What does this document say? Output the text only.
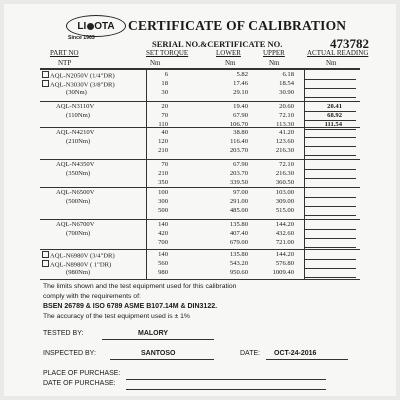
LI OTA
Since 1963
CERTIFICATE OF CALIBRATION
SERIAL NO.&CERTIFICATE NO.	473782
PART NO
NTP
SET TORQUE
Nm
LOWER
Nm
UPPER
Nm
ACTUAL READING
Nm
AQL-N2050V (1/4"DR)
AQL-N3030V (3/8"DR)
(30Nm)
6	5.82	6.18
18	17.46	18.54
30	29.10	30.90
AQL-N3110V
(110Nm)
20	19.40	20.60	20.41
70	67.90	72.10	68.92
110	106.70	113.30	111.54
AQL-N4210V
(210Nm)
40	38.80	41.20
120	116.40	123.60
210	203.70	216.30
AQL-N4350V
(350Nm)
70	67.90	72.10
210	203.70	216.30
350	339.50	360.50
AQL-N6500V
(500Nm)
100	97.00	103.00
300	291.00	309.00
500	485.00	515.00
AQL-N6700V
(700Nm)
140	135.80	144.20
420	407.40	432.60
700	679.00	721.00
AQL-N6980V (3/4"DR)
AQL-N8980V ( 1"DR)
(980Nm)
140	135.80	144.20
560	543.20	576.80
980	950.60	1009.40
The limits shown and the test equipment used for this calibration
comply with the requirements of:
BSEN 26789 & ISO 6789 ASME B107.14M & DIN3122.
The accuracy of the test equipment used is ± 1%
TESTED BY:	MALORY
INSPECTED BY:	SANTOSO	DATE: OCT-24-2016
PLACE OF PURCHASE:
DATE OF PURCHASE:
